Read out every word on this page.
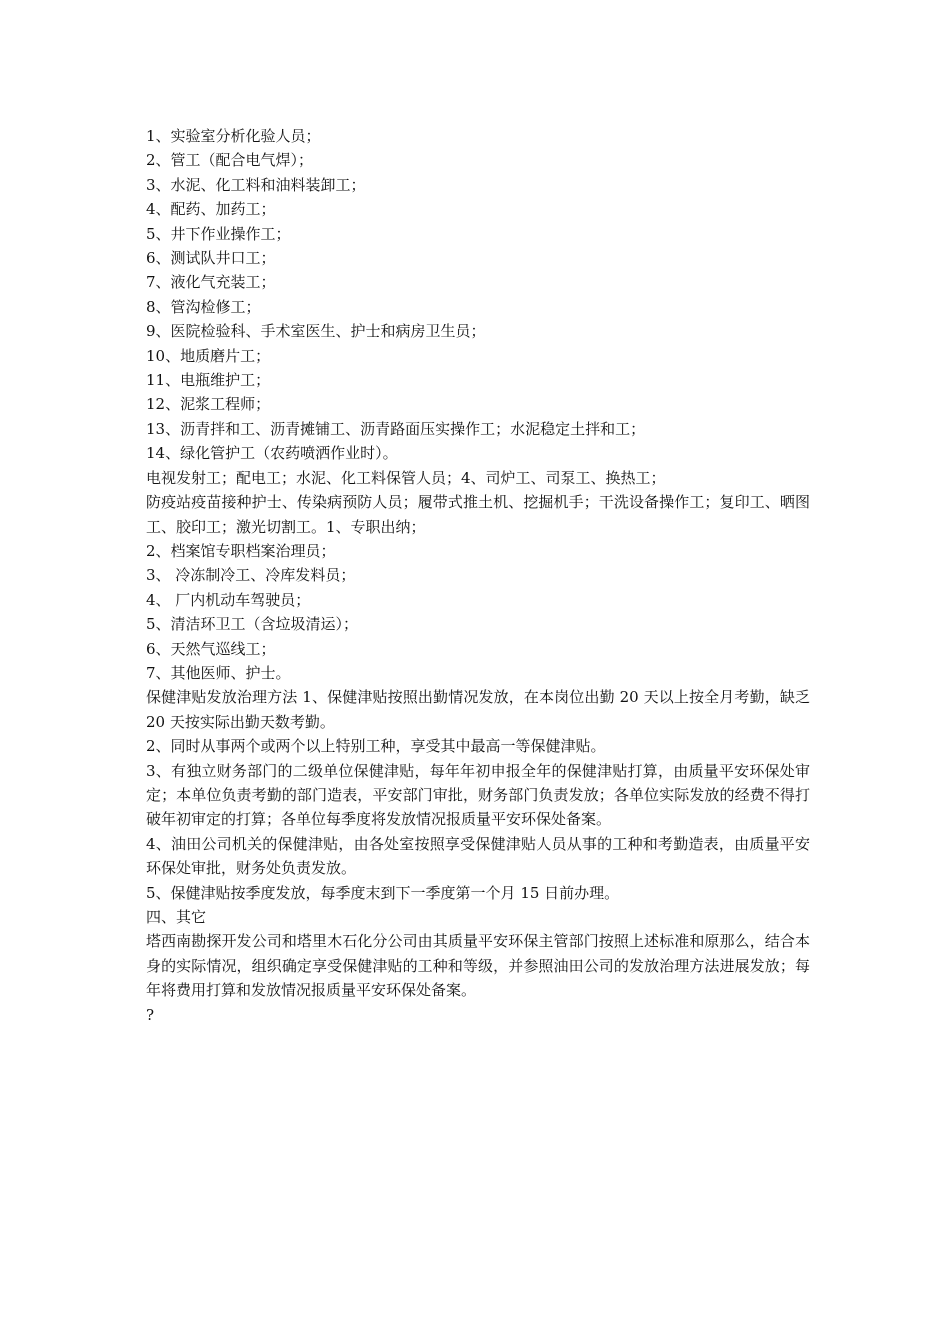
1、实验室分析化验人员；

2、管工（配合电气焊）；

3、水泥、化工料和油料装卸工；

4、配药、加药工；

5、井下作业操作工；

6、测试队井口工；

7、液化气充装工；

8、管沟检修工；

9、医院检验科、手术室医生、护士和病房卫生员；

10、地质磨片工；

11、电瓶维护工；

12、泥浆工程师；

13、沥青拌和工、沥青摊铺工、沥青路面压实操作工；水泥稳定土拌和工；

14、绿化管护工（农药喷洒作业时）。

电视发射工；配电工；水泥、化工料保管人员；4、司炉工、司泵工、换热工；

防疫站疫苗接种护士、传染病预防人员；履带式推土机、挖掘机手；干洗设备操作工；复印工、晒图工、胶印工；激光切割工。1、专职出纳；

2、档案馆专职档案治理员；

3、 冷冻制冷工、冷库发料员；

4、 厂内机动车驾驶员；

5、清洁环卫工（含垃圾清运）；

6、天然气巡线工；

7、其他医师、护士。

保健津贴发放治理方法 1、保健津贴按照出勤情况发放，在本岗位出勤 20 天以上按全月考勤，缺乏 20 天按实际出勤天数考勤。

2、同时从事两个或两个以上特别工种，享受其中最高一等保健津贴。

3、有独立财务部门的二级单位保健津贴，每年年初申报全年的保健津贴打算，由质量平安环保处审定；本单位负责考勤的部门造表，平安部门审批，财务部门负责发放；各单位实际发放的经费不得打破年初审定的打算；各单位每季度将发放情况报质量平安环保处备案。

4、油田公司机关的保健津贴，由各处室按照享受保健津贴人员从事的工种和考勤造表，由质量平安环保处审批，财务处负责发放。

5、保健津贴按季度发放，每季度末到下一季度第一个月 15 日前办理。

四、其它

塔西南勘探开发公司和塔里木石化分公司由其质量平安环保主管部门按照上述标准和原那么，结合本身的实际情况，组织确定享受保健津贴的工种和等级，并参照油田公司的发放治理方法进展发放；每年将费用打算和发放情况报质量平安环保处备案。

?
